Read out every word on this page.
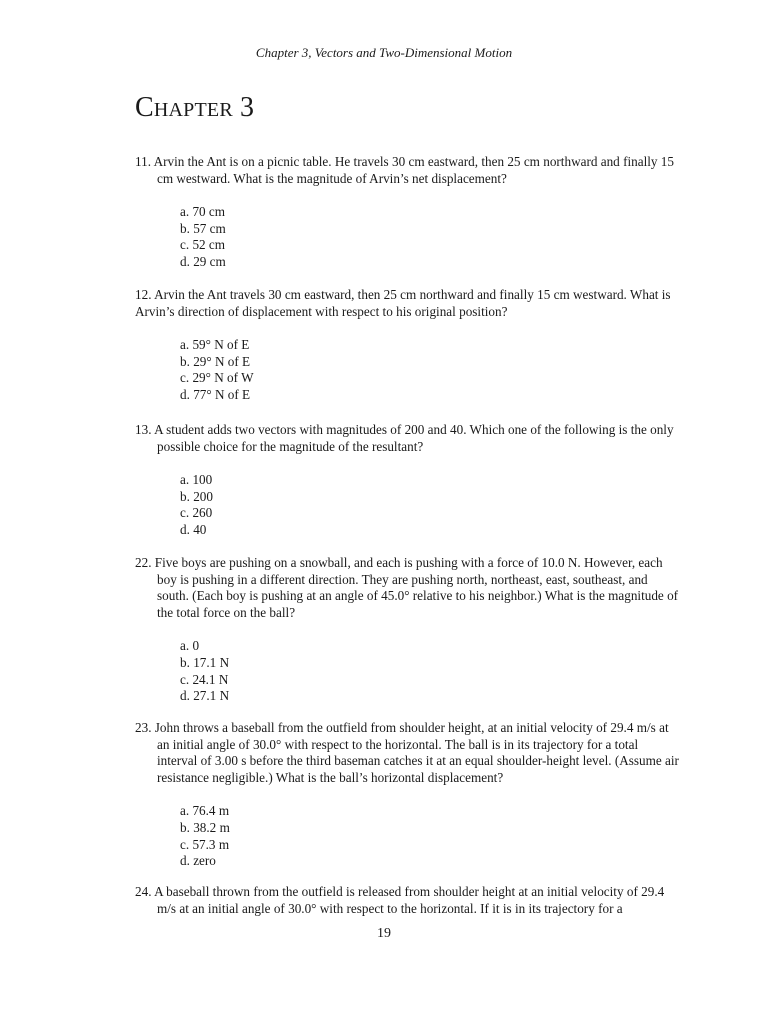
Chapter 3, Vectors and Two-Dimensional Motion
Chapter 3

11. Arvin the Ant is on a picnic table. He travels 30 cm eastward, then 25 cm northward and finally 15 cm westward. What is the magnitude of Arvin’s net displacement?

a. 70 cm
b. 57 cm
c. 52 cm
d. 29 cm

12. Arvin the Ant travels 30 cm eastward, then 25 cm northward and finally 15 cm westward. What is Arvin’s direction of displacement with respect to his original position?

a. 59° N of E
b. 29° N of E
c. 29° N of W
d. 77° N of E

13. A student adds two vectors with magnitudes of 200 and 40. Which one of the following is the only possible choice for the magnitude of the resultant?

a. 100
b. 200
c. 260
d. 40

22. Five boys are pushing on a snowball, and each is pushing with a force of 10.0 N. However, each boy is pushing in a different direction. They are pushing north, northeast, east, southeast, and south. (Each boy is pushing at an angle of 45.0° relative to his neighbor.) What is the magnitude of the total force on the ball?

a. 0
b. 17.1 N
c. 24.1 N
d. 27.1 N

23. John throws a baseball from the outfield from shoulder height, at an initial velocity of 29.4 m/s at an initial angle of 30.0° with respect to the horizontal. The ball is in its trajectory for a total interval of 3.00 s before the third baseman catches it at an equal shoulder-height level. (Assume air resistance negligible.) What is the ball’s horizontal displacement?

a. 76.4 m
b. 38.2 m
c. 57.3 m
d. zero

24. A baseball thrown from the outfield is released from shoulder height at an initial velocity of 29.4 m/s at an initial angle of 30.0° with respect to the horizontal. If it is in its trajectory for a

19
